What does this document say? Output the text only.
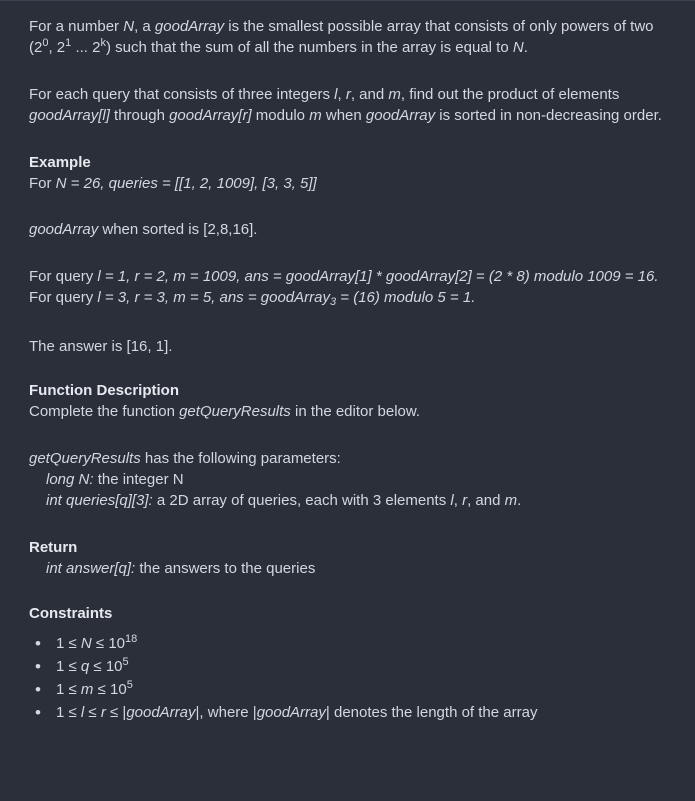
For a number N, a goodArray is the smallest possible array that consists of only powers of two ($2^0$, $2^1$ ... 2$^k$) such that the sum of all the numbers in the array is equal to N.

For each query that consists of three integers l, r, and m, find out the product of elements goodArray[l] through goodArray[r] modulo m when goodArray is sorted in non-decreasing order.

Example

For N = 26, queries = [[1, 2, 1009], [3, 3, 5]]

goodArray when sorted is [2,8,16].

For query l = 1, r = 2, m = 1009, ans = goodArray[1] * goodArray[2] = (2 * 8) modulo 1009 = 16.

For query l = 3, r = 3, m = 5, ans = goodArray$_3$ = (16) modulo 5 = 1.

The answer is [16, 1].

Function Description

Complete the function getQueryResults in the editor below.

getQueryResults has the following parameters:

long N: the integer N

int queries[q][3]: a 2D array of queries, each with 3 elements l, r, and m.

Return

int answer[q]: the answers to the queries

Constraints

• $1 \le N \le 10^{18}$
• $1 \le q \le 10^5$
• $1 \le m \le 10^5$
• 1 ≤ l ≤ r ≤ |goodArray|, where |goodArray| denotes the length of the array
